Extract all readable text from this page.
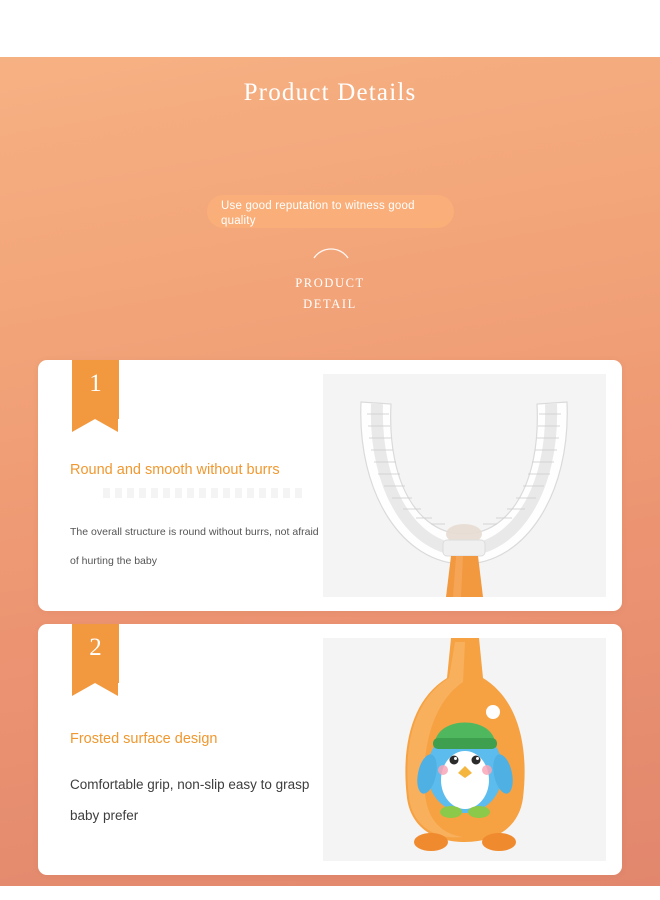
Product Details
Use good reputation to witness good quality
PRODUCT
DETAIL
1
Round and smooth without burrs
The overall structure is round without burrs, not afraid of hurting the baby
2
Frosted surface design
Comfortable grip, non-slip easy to grasp baby prefer
